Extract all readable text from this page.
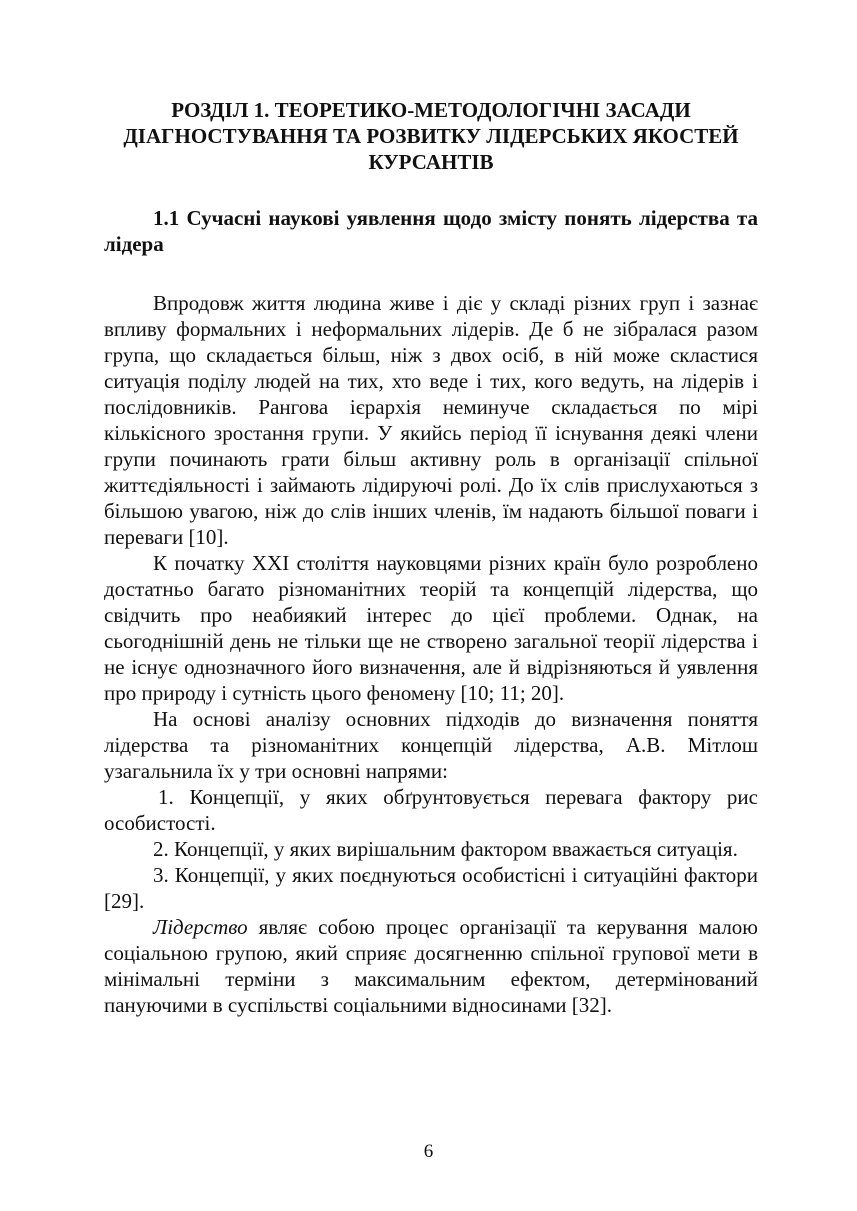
РОЗДІЛ 1. ТЕОРЕТИКО-МЕТОДОЛОГІЧНІ ЗАСАДИ
ДІАГНОСТУВАННЯ ТА РОЗВИТКУ ЛІДЕРСЬКИХ ЯКОСТЕЙ
КУРСАНТІВ
1.1 Сучасні наукові уявлення щодо змісту понять лідерства та лідера

Впродовж життя людина живе і діє у складі різних груп і зазнає впливу формальних і неформальних лідерів. Де б не зібралася разом група, що складається більш, ніж з двох осіб, в ній може скластися ситуація поділу людей на тих, хто веде і тих, кого ведуть, на лідерів і послідовників. Рангова ієрархія неминуче складається по мірі кількісного зростання групи. У якийсь період її існування деякі члени групи починають грати більш активну роль в організації спільної життєдіяльності і займають лідируючі ролі. До їх слів прислухаються з більшою увагою, ніж до слів інших членів, їм надають більшої поваги і переваги [10].

К початку XXI століття науковцями різних країн було розроблено достатньо багато різноманітних теорій та концепцій лідерства, що свідчить про неабиякий інтерес до цієї проблеми. Однак, на сьогоднішній день не тільки ще не створено загальної теорії лідерства і не існує однозначного його визначення, але й відрізняються й уявлення про природу і сутність цього феномену [10; 11; 20].

На основі аналізу основних підходів до визначення поняття лідерства та різноманітних концепцій лідерства, А.В. Мітлош узагальнила їх у три основні напрями:

1. Концепції, у яких обґрунтовується перевага фактору рис особистості.

2. Концепції, у яких вирішальним фактором вважається ситуація.

3. Концепції, у яких поєднуються особистісні і ситуаційні фактори [29].

Лідерство являє собою процес організації та керування малою соціальною групою, який сприяє досягненню спільної групової мети в мінімальні терміни з максимальним ефектом, детермінований пануючими в суспільстві соціальними відносинами [32].

6
